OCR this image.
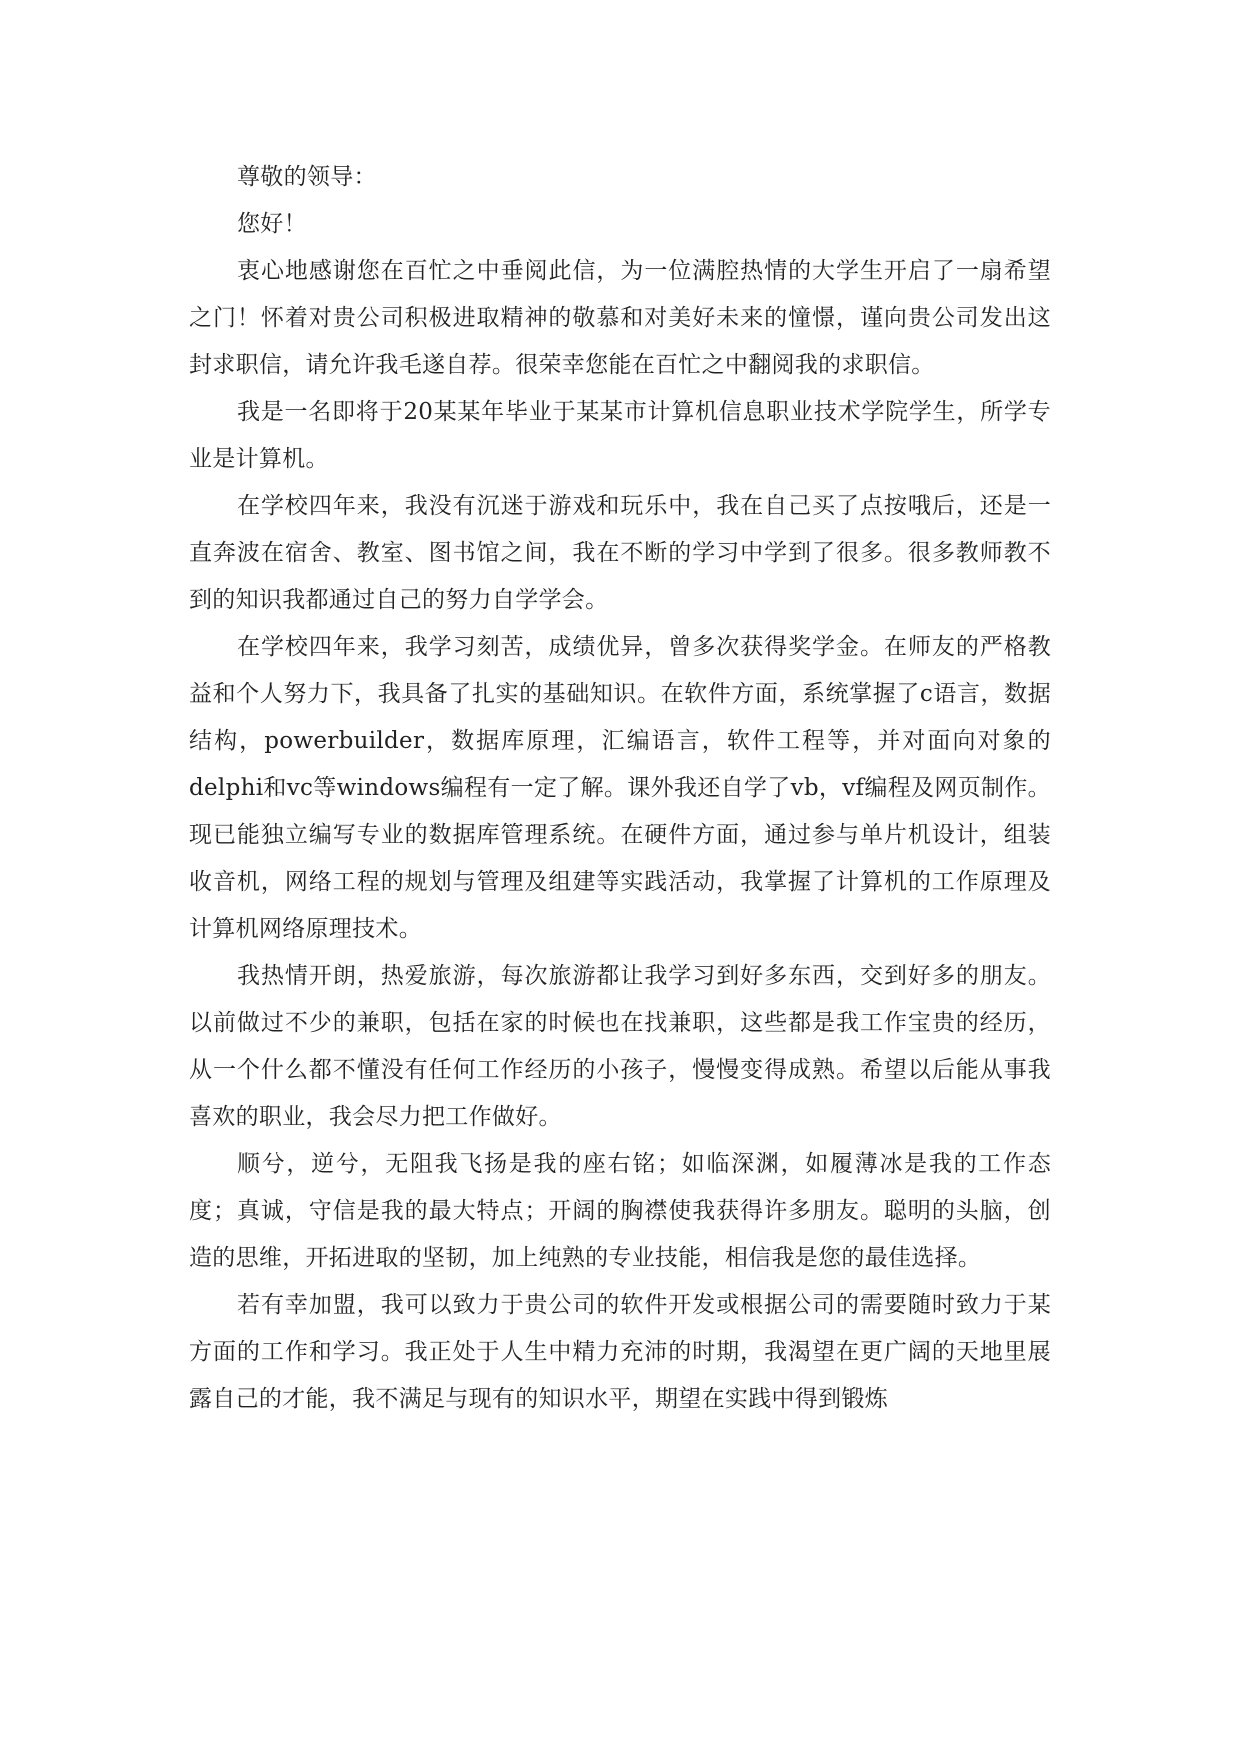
尊敬的领导：

您好！

衷心地感谢您在百忙之中垂阅此信，为一位满腔热情的大学生开启了一扇希望之门！怀着对贵公司积极进取精神的敬慕和对美好未来的憧憬，谨向贵公司发出这封求职信，请允许我毛遂自荐。很荣幸您能在百忙之中翻阅我的求职信。

我是一名即将于20某某年毕业于某某市计算机信息职业技术学院学生，所学专业是计算机。

在学校四年来，我没有沉迷于游戏和玩乐中，我在自己买了点按哦后，还是一直奔波在宿舍、教室、图书馆之间，我在不断的学习中学到了很多。很多教师教不到的知识我都通过自己的努力自学学会。

在学校四年来，我学习刻苦，成绩优异，曾多次获得奖学金。在师友的严格教益和个人努力下，我具备了扎实的基础知识。在软件方面，系统掌握了c语言，数据结构，powerbuilder，数据库原理，汇编语言，软件工程等，并对面向对象的delphi和vc等windows编程有一定了解。课外我还自学了vb，vf编程及网页制作。现已能独立编写专业的数据库管理系统。在硬件方面，通过参与单片机设计，组装收音机，网络工程的规划与管理及组建等实践活动，我掌握了计算机的工作原理及计算机网络原理技术。

我热情开朗，热爱旅游，每次旅游都让我学习到好多东西，交到好多的朋友。以前做过不少的兼职，包括在家的时候也在找兼职，这些都是我工作宝贵的经历，从一个什么都不懂没有任何工作经历的小孩子，慢慢变得成熟。希望以后能从事我喜欢的职业，我会尽力把工作做好。

顺兮，逆兮，无阻我飞扬是我的座右铭；如临深渊，如履薄冰是我的工作态度；真诚，守信是我的最大特点；开阔的胸襟使我获得许多朋友。聪明的头脑，创造的思维，开拓进取的坚韧，加上纯熟的专业技能，相信我是您的最佳选择。

若有幸加盟，我可以致力于贵公司的软件开发或根据公司的需要随时致力于某方面的工作和学习。我正处于人生中精力充沛的时期，我渴望在更广阔的天地里展露自己的才能，我不满足与现有的知识水平，期望在实践中得到锻炼
